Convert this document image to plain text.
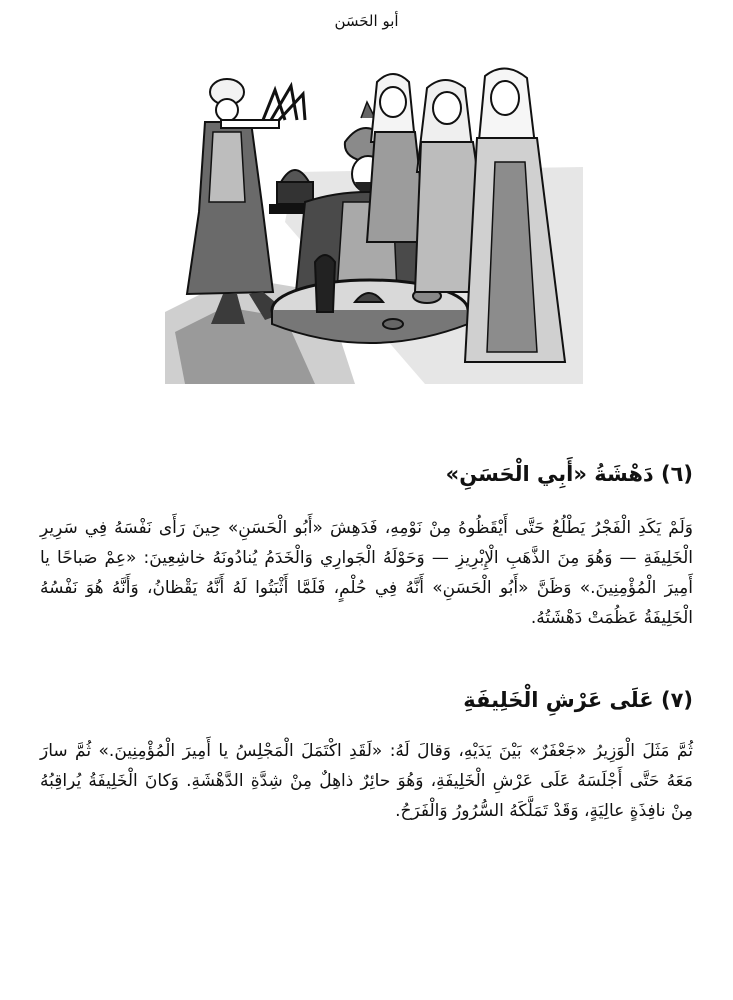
أبو الحَسَن
(٦) دَهْشَةُ «أَبِي الْحَسَنِ»
وَلَمْ يَكَدِ الْفَجْرُ يَطْلُعُ حَتَّى أَيْقَظُوهُ مِنْ نَوْمِهِ، فَدَهِشَ «أَبُو الْحَسَنِ» حِينَ رَأَى نَفْسَهُ فِي سَرِيرِ الْخَلِيفَةِ — وَهُوَ مِنَ الذَّهَبِ الْإِبْرِيزِ — وَحَوْلَهُ الْجَوارِي وَالْخَدَمُ يُنادُونَهُ خاشِعِينَ: «عِمْ صَباحًا يا أَمِيرَ الْمُؤْمِنِينَ.» وَظَنَّ «أَبُو الْحَسَنِ» أَنَّهُ فِي حُلْمٍ، فَلَمَّا أَثْبَتُوا لَهُ أَنَّهُ يَقْظانُ، وَأَنَّهُ هُوَ نَفْسُهُ الْخَلِيفَةُ عَظُمَتْ دَهْشَتُهُ.
(٧) عَلَى عَرْشِ الْخَلِيفَةِ
ثُمَّ مَثَلَ الْوَزِيرُ «جَعْفَرٌ» بَيْنَ يَدَيْهِ، وَقالَ لَهُ: «لَقَدِ اكْتَمَلَ الْمَجْلِسُ يا أَمِيرَ الْمُؤْمِنِينَ.» ثُمَّ سارَ مَعَهُ حَتَّى أَجْلَسَهُ عَلَى عَرْشِ الْخَلِيفَةِ، وَهُوَ حائِرٌ ذاهِلٌ مِنْ شِدَّةِ الدَّهْشَةِ. وَكانَ الْخَلِيفَةُ يُراقِبُهُ مِنْ نافِذَةٍ عالِيَةٍ، وَقَدْ تَمَلَّكَهُ السُّرُورُ وَالْفَرَحُ.
